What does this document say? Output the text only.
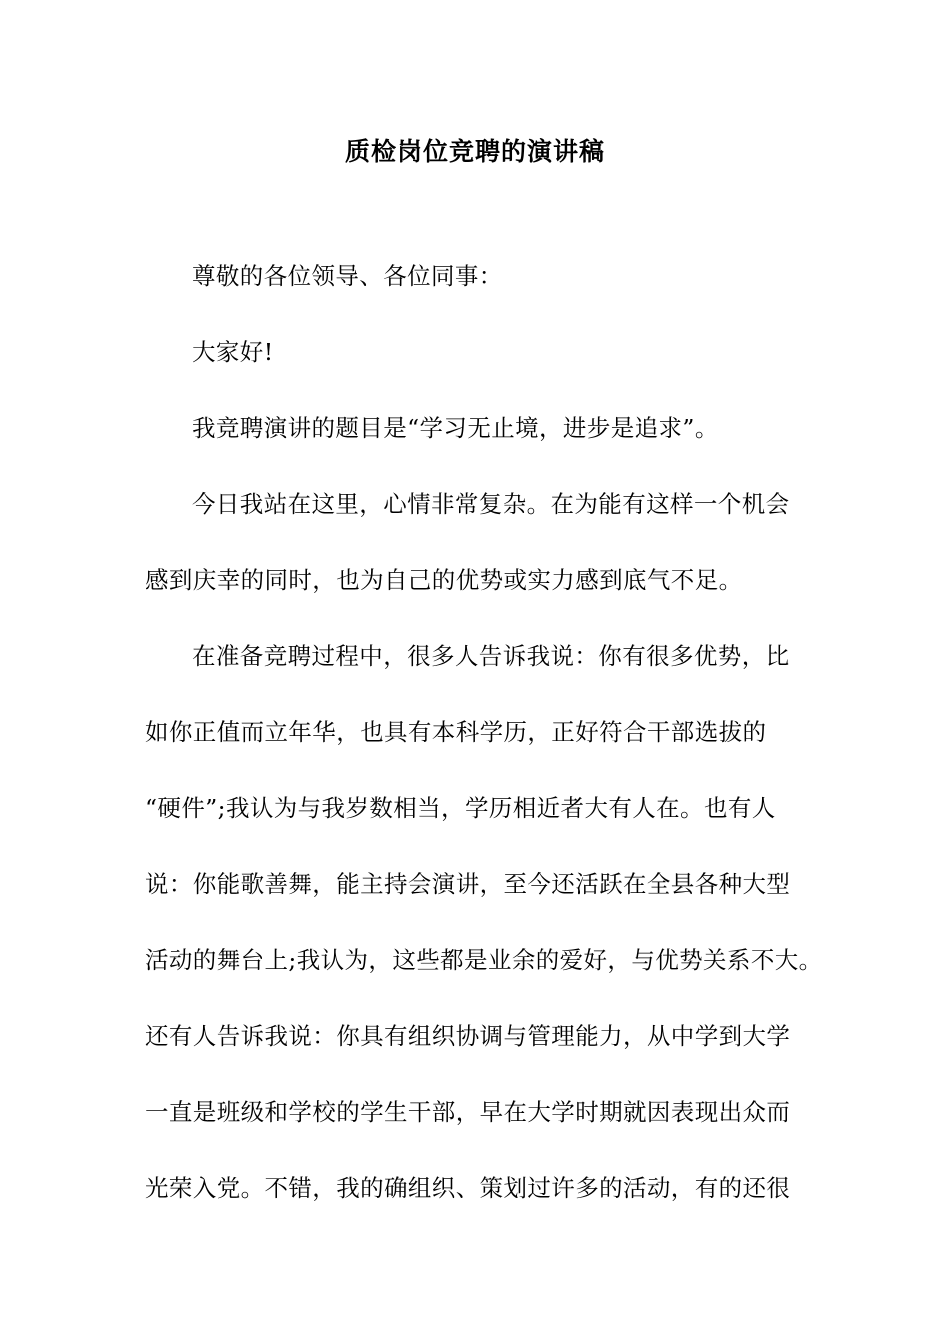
质检岗位竞聘的演讲稿
尊敬的各位领导、各位同事：
大家好!
我竞聘演讲的题目是“学习无止境，进步是追求”。
今日我站在这里，心情非常复杂。在为能有这样一个机会
感到庆幸的同时，也为自己的优势或实力感到底气不足。
在准备竞聘过程中，很多人告诉我说：你有很多优势，比
如你正值而立年华，也具有本科学历，正好符合干部选拔的
“硬件”;我认为与我岁数相当，学历相近者大有人在。也有人
说：你能歌善舞，能主持会演讲，至今还活跃在全县各种大型
活动的舞台上;我认为，这些都是业余的爱好，与优势关系不大。
还有人告诉我说：你具有组织协调与管理能力，从中学到大学
一直是班级和学校的学生干部，早在大学时期就因表现出众而
光荣入党。不错，我的确组织、策划过许多的活动，有的还很
